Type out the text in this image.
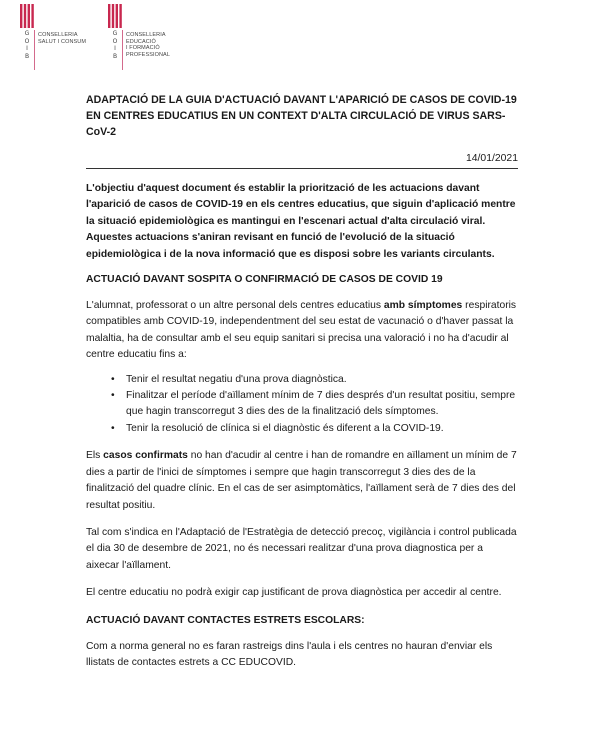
G
O
I
B
CONSELLERIA
SALUT I CONSUM
G
O
I
B
CONSELLERIA
EDUCACIÓ
I FORMACIÓ
PROFESSIONAL
ADAPTACIÓ DE LA GUIA D'ACTUACIÓ DAVANT L'APARICIÓ DE CASOS DE COVID-19 EN CENTRES EDUCATIUS EN UN CONTEXT D'ALTA CIRCULACIÓ DE VIRUS SARS-CoV-2
14/01/2021

L'objectiu d'aquest document és establir la priorització de les actuacions davant l'aparició de casos de COVID-19 en els centres educatius, que siguin d'aplicació mentre la situació epidemiològica es mantingui en l'escenari actual d'alta circulació viral. Aquestes actuacions s'aniran revisant en funció de l'evolució de la situació epidemiològica i de la nova informació que es disposi sobre les variants circulants.

ACTUACIÓ DAVANT SOSPITA O CONFIRMACIÓ DE CASOS DE COVID 19

L'alumnat, professorat o un altre personal dels centres educatius amb símptomes respiratoris compatibles amb COVID-19, independentment del seu estat de vacunació o d'haver passat la malaltia, ha de consultar amb el seu equip sanitari si precisa una valoració i no ha d'acudir al centre educatiu fins a:

• Tenir el resultat negatiu d'una prova diagnòstica.
• Finalitzar el període d'aïllament mínim de 7 dies després d'un resultat positiu, sempre que hagin transcorregut 3 dies des de la finalització dels símptomes.
• Tenir la resolució de clínica si el diagnòstic és diferent a la COVID-19.

Els casos confirmats no han d'acudir al centre i han de romandre en aïllament un mínim de 7 dies a partir de l'inici de símptomes i sempre que hagin transcorregut 3 dies des de la finalització del quadre clínic. En el cas de ser asimptomàtics, l'aïllament serà de 7 dies des del resultat positiu.

Tal com s'indica en l'Adaptació de l'Estratègia de detecció precoç, vigilància i control publicada el dia 30 de desembre de 2021, no és necessari realitzar d'una prova diagnostica per a aixecar l'aïllament.

El centre educatiu no podrà exigir cap justificant de prova diagnòstica per accedir al centre.

ACTUACIÓ DAVANT CONTACTES ESTRETS ESCOLARS:

Com a norma general no es faran rastreigs dins l'aula i els centres no hauran d'enviar els llistats de contactes estrets a CC EDUCOVID.
